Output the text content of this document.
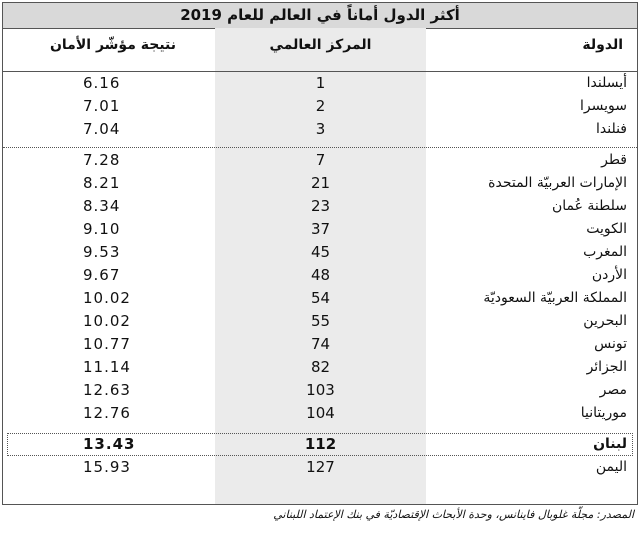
أكثر الدول أماناً في العالم للعام 2019
الدولة
المركز العالمي
نتيجة مؤشّر الأمان
أيسلندا
1
6.16
سويسرا
2
7.01
فنلندا
3
7.04
قطر
7
7.28
الإمارات العربيّة المتحدة
21
8.21
سلطنة عُمان
23
8.34
الكويت
37
9.10
المغرب
45
9.53
الأردن
48
9.67
المملكة العربيّة السعوديّة
54
10.02
البحرين
55
10.02
تونس
74
10.77
الجزائر
82
11.14
مصر
103
12.63
موريتانيا
104
12.76
لبنان
112
13.43
اليمن
127
15.93
المصدر: مجلّة غلوبال فاينانس، وحدة الأبحاث الإقتصاديّة في بنك الإعتماد اللبناني
